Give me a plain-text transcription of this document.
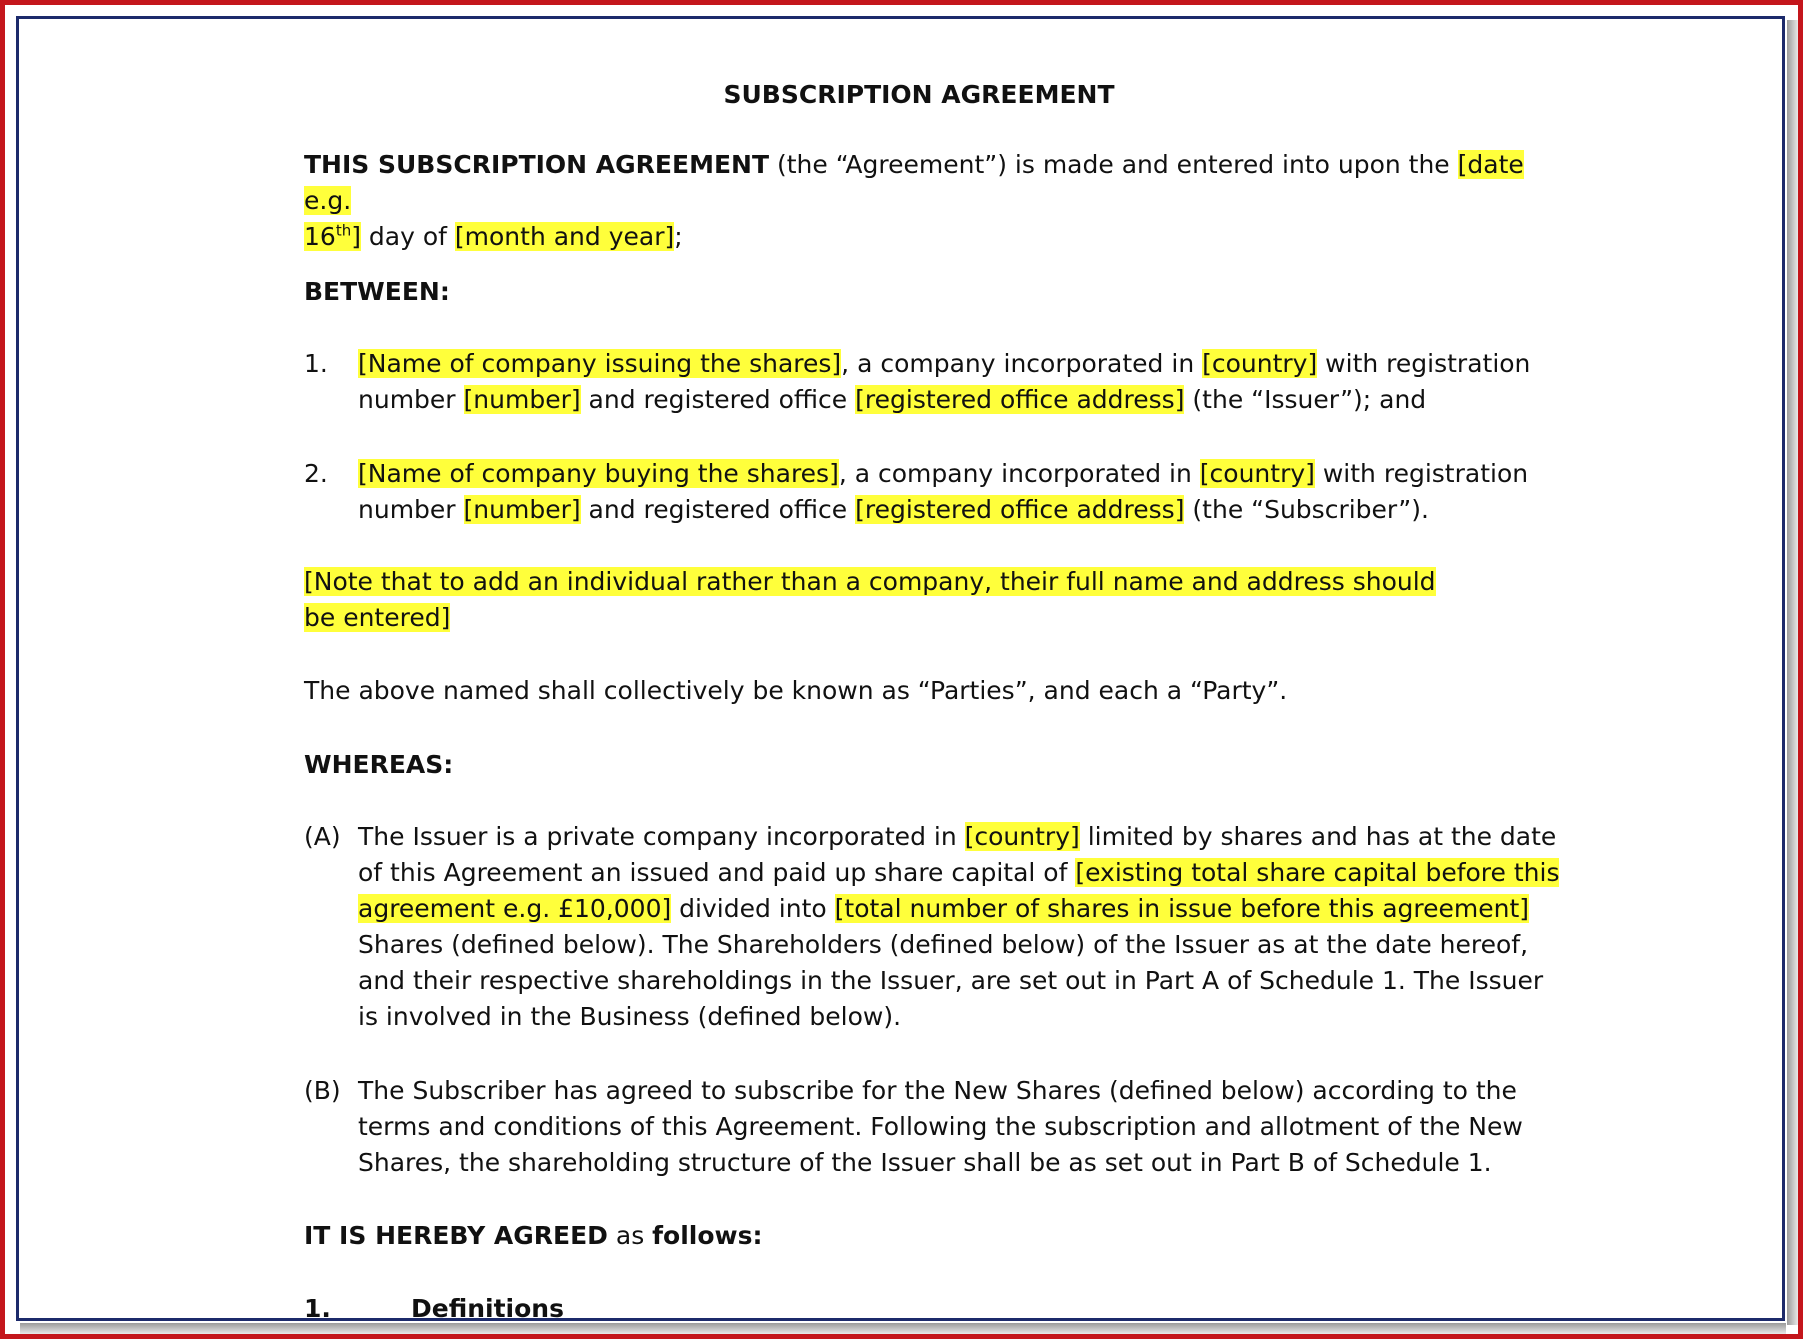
SUBSCRIPTION AGREEMENT

THIS SUBSCRIPTION AGREEMENT (the “Agreement”) is made and entered into upon the [date e.g.
16th] day of [month and year];

BETWEEN:

1. [Name of company issuing the shares], a company incorporated in [country] with registration number [number] and registered office [registered office address] (the “Issuer”); and
2. [Name of company buying the shares], a company incorporated in [country] with registration number [number] and registered office [registered office address] (the “Subscriber”).

[Note that to add an individual rather than a company, their full name and address should be entered]

The above named shall collectively be known as “Parties”, and each a “Party”.

WHEREAS:

(A) The Issuer is a private company incorporated in [country] limited by shares and has at the date of this Agreement an issued and paid up share capital of [existing total share capital before this agreement e.g. £10,000] divided into [total number of shares in issue before this agreement] Shares (defined below). The Shareholders (defined below) of the Issuer as at the date hereof, and their respective shareholdings in the Issuer, are set out in Part A of Schedule 1. The Issuer is involved in the Business (defined below).
(B) The Subscriber has agreed to subscribe for the New Shares (defined below) according to the terms and conditions of this Agreement. Following the subscription and allotment of the New Shares, the shareholding structure of the Issuer shall be as set out in Part B of Schedule 1.

IT IS HEREBY AGREED as follows:

1.	Definitions
